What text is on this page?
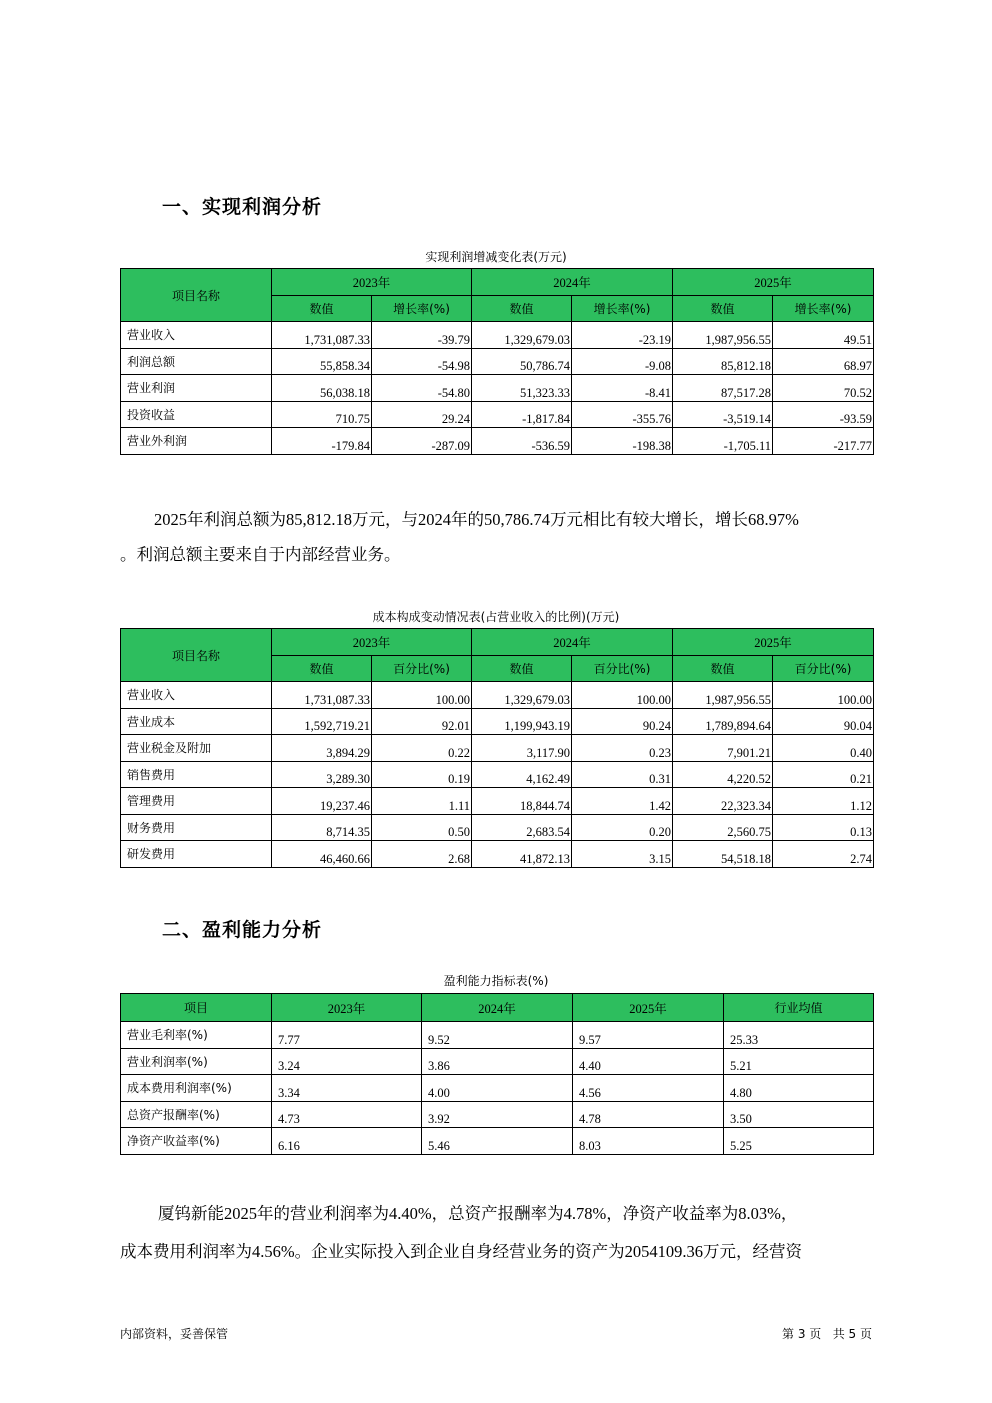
一、实现利润分析
实现利润增减变化表(万元)
项目名称	2023年		2024年		2025年	
	数值	增长率(%)	数值	增长率(%)	数值	增长率(%)
营业收入	1,731,087.33	-39.79	1,329,679.03	-23.19	1,987,956.55	49.51
利润总额	55,858.34	-54.98	50,786.74	-9.08	85,812.18	68.97
营业利润	56,038.18	-54.80	51,323.33	-8.41	87,517.28	70.52
投资收益	710.75	29.24	-1,817.84	-355.76	-3,519.14	-93.59
营业外利润	-179.84	-287.09	-536.59	-198.38	-1,705.11	-217.77
2025年利润总额为85,812.18万元，与2024年的50,786.74万元相比有较大增长，增长68.97%
。利润总额主要来自于内部经营业务。
成本构成变动情况表(占营业收入的比例)(万元)
项目名称	2023年		2024年		2025年	
	数值	百分比(%)	数值	百分比(%)	数值	百分比(%)
营业收入	1,731,087.33	100.00	1,329,679.03	100.00	1,987,956.55	100.00
营业成本	1,592,719.21	92.01	1,199,943.19	90.24	1,789,894.64	90.04
营业税金及附加	3,894.29	0.22	3,117.90	0.23	7,901.21	0.40
销售费用	3,289.30	0.19	4,162.49	0.31	4,220.52	0.21
管理费用	19,237.46	1.11	18,844.74	1.42	22,323.34	1.12
财务费用	8,714.35	0.50	2,683.54	0.20	2,560.75	0.13
研发费用	46,460.66	2.68	41,872.13	3.15	54,518.18	2.74
二、盈利能力分析
盈利能力指标表(%)
项目	2023年	2024年	2025年	行业均值
营业毛利率(%)	7.77	9.52	9.57	25.33
营业利润率(%)	3.24	3.86	4.40	5.21
成本费用利润率(%)	3.34	4.00	4.56	4.80
总资产报酬率(%)	4.73	3.92	4.78	3.50
净资产收益率(%)	6.16	5.46	8.03	5.25
厦钨新能2025年的营业利润率为4.40%，总资产报酬率为4.78%，净资产收益率为8.03%，
成本费用利润率为4.56%。企业实际投入到企业自身经营业务的资产为2054109.36万元，经营资
内部资料，妥善保管	第 3 页   共 5 页
